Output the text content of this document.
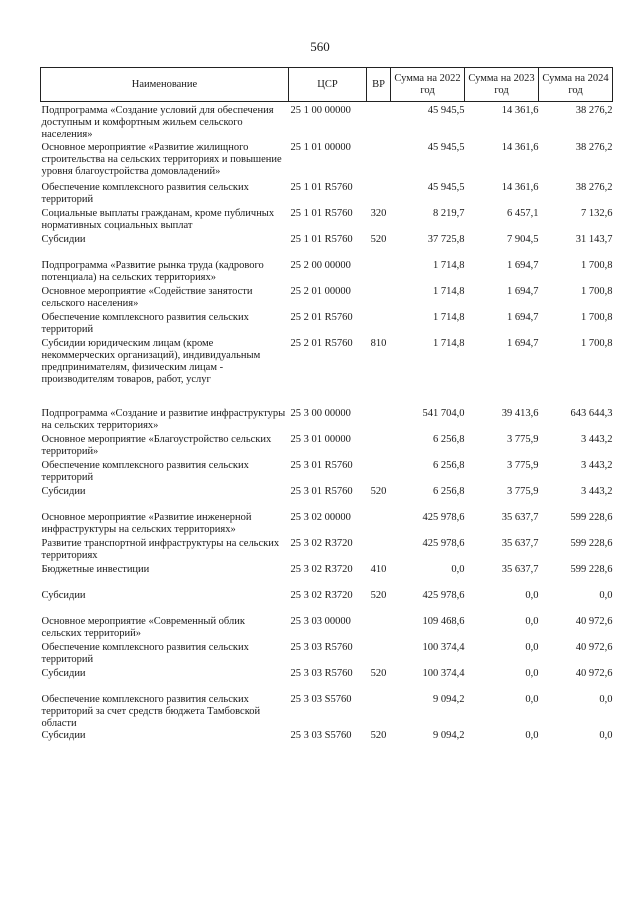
560
Наименование	ЦСР	ВР	Сумма на 2022 год	Сумма на 2023 год	Сумма на 2024 год
Подпрограмма «Создание условий для обеспечения доступным и комфортным жильем сельского населения»	25 1 00 00000		45 945,5	14 361,6	38 276,2
Основное мероприятие «Развитие жилищного строительства на сельских территориях и повышение уровня благоустройства домовладений»	25 1 01 00000		45 945,5	14 361,6	38 276,2
Обеспечение комплексного развития сельских территорий	25 1 01 R5760		45 945,5	14 361,6	38 276,2
Социальные выплаты гражданам, кроме публичных нормативных социальных выплат	25 1 01 R5760	320	8 219,7	6 457,1	7 132,6
Субсидии	25 1 01 R5760	520	37 725,8	7 904,5	31 143,7
Подпрограмма «Развитие рынка труда (кадрового потенциала) на сельских территориях»	25 2 00 00000		1 714,8	1 694,7	1 700,8
Основное мероприятие «Содействие занятости сельского населения»	25 2 01 00000		1 714,8	1 694,7	1 700,8
Обеспечение комплексного развития сельских территорий	25 2 01 R5760		1 714,8	1 694,7	1 700,8
Субсидии юридическим лицам (кроме некоммерческих организаций), индивидуальным предпринимателям, физическим лицам - производителям товаров, работ, услуг	25 2 01 R5760	810	1 714,8	1 694,7	1 700,8
Подпрограмма «Создание и развитие инфраструктуры на сельских территориях»	25 3 00 00000		541 704,0	39 413,6	643 644,3
Основное мероприятие «Благоустройство сельских территорий»	25 3 01 00000		6 256,8	3 775,9	3 443,2
Обеспечение комплексного развития сельских территорий	25 3 01 R5760		6 256,8	3 775,9	3 443,2
Субсидии	25 3 01 R5760	520	6 256,8	3 775,9	3 443,2
Основное мероприятие «Развитие инженерной инфраструктуры на сельских территориях»	25 3 02 00000		425 978,6	35 637,7	599 228,6
Развитие транспортной инфраструктуры на сельских территориях	25 3 02 R3720		425 978,6	35 637,7	599 228,6
Бюджетные инвестиции	25 3 02 R3720	410	0,0	35 637,7	599 228,6
Субсидии	25 3 02 R3720	520	425 978,6	0,0	0,0
Основное мероприятие «Современный облик сельских территорий»	25 3 03 00000		109 468,6	0,0	40 972,6
Обеспечение комплексного развития сельских территорий	25 3 03 R5760		100 374,4	0,0	40 972,6
Субсидии	25 3 03 R5760	520	100 374,4	0,0	40 972,6
Обеспечение комплексного развития сельских территорий за счет средств бюджета Тамбовской области	25 3 03 S5760		9 094,2	0,0	0,0
Субсидии	25 3 03 S5760	520	9 094,2	0,0	0,0
